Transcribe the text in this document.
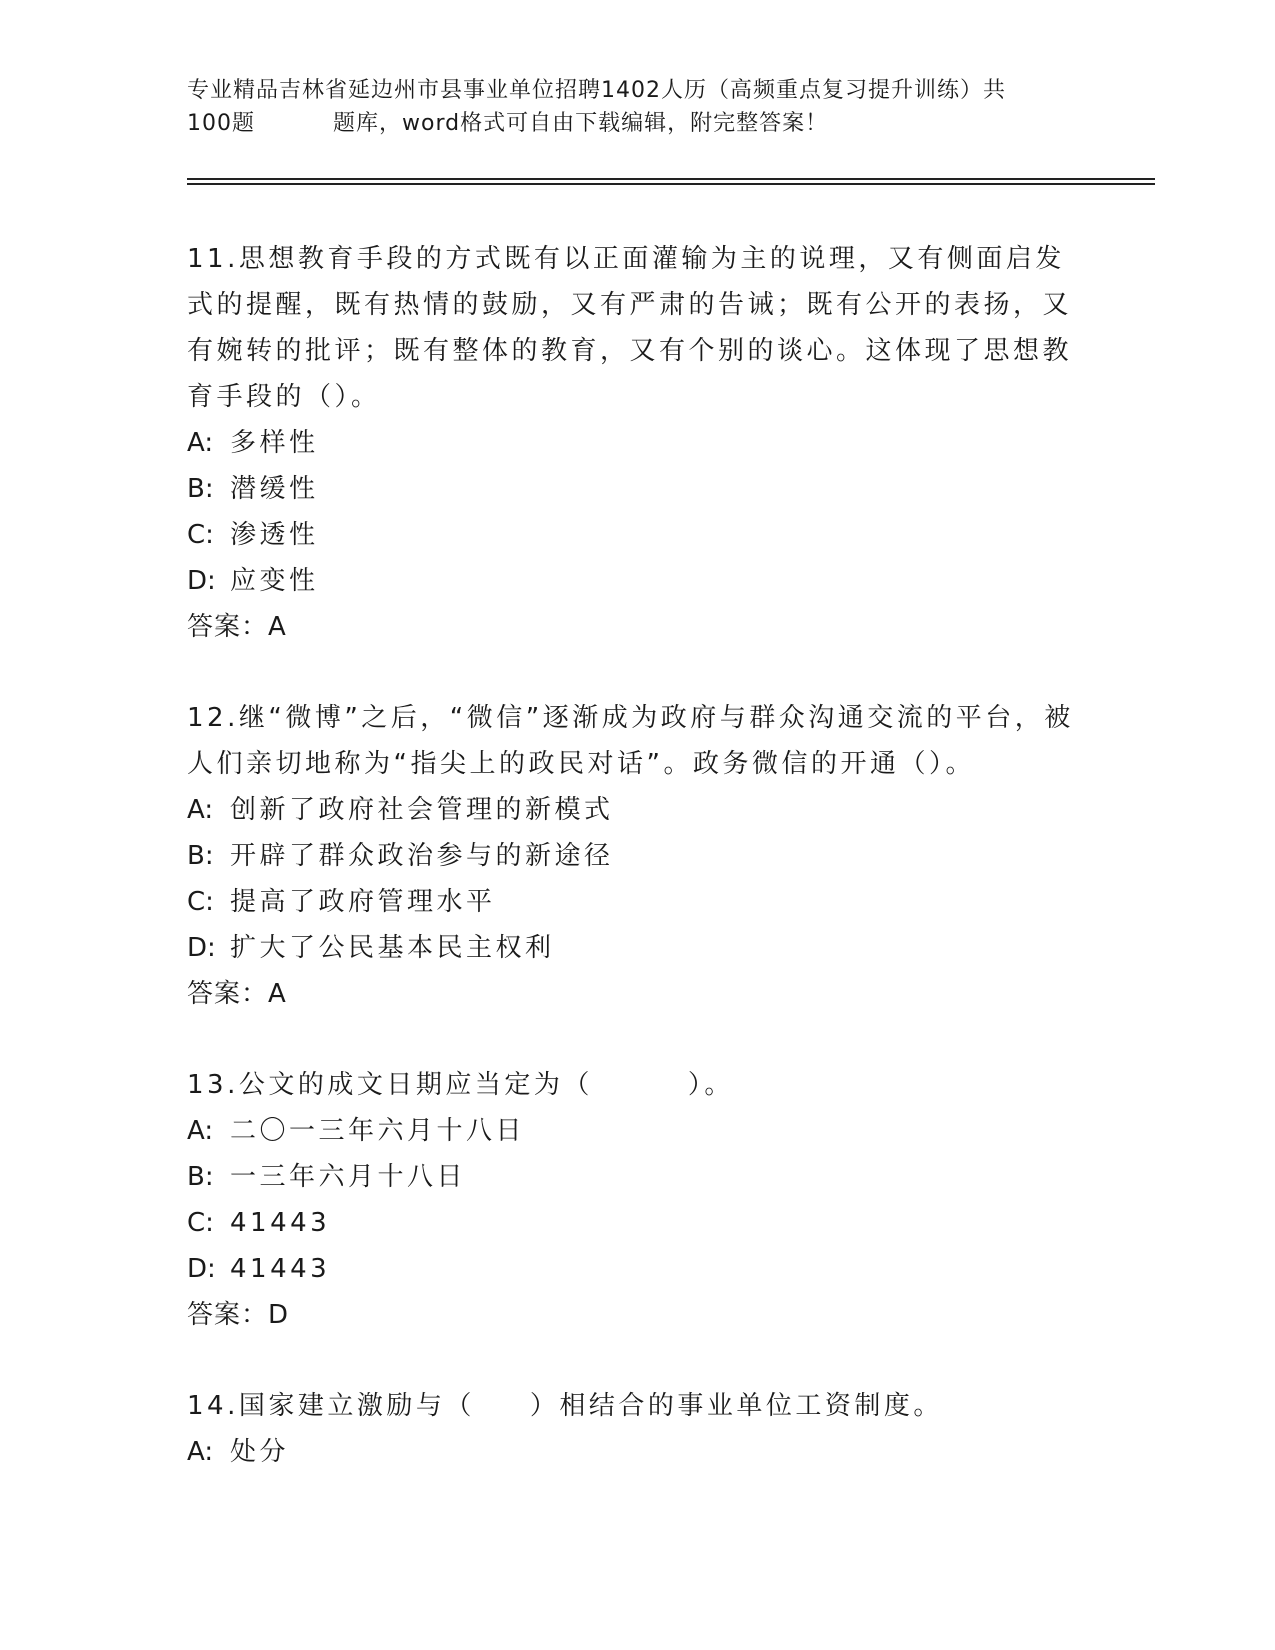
专业精品吉林省延边州市县事业单位招聘1402人历（高频重点复习提升训练）共

100题	题库，word格式可自由下载编辑，附完整答案！

11.思想教育手段的方式既有以正面灌输为主的说理，又有侧面启发式的提醒，既有热情的鼓励，又有严肃的告诫；既有公开的表扬，又有婉转的批评；既有整体的教育，又有个别的谈心。这体现了思想教育手段的（）。

A: 多样性

B: 潜缓性

C: 渗透性

D: 应变性

答案：A

12.继“微博”之后，“微信”逐渐成为政府与群众沟通交流的平台，被人们亲切地称为“指尖上的政民对话”。政务微信的开通（）。

A: 创新了政府社会管理的新模式

B: 开辟了群众政治参与的新途径

C: 提高了政府管理水平

D: 扩大了公民基本民主权利

答案：A

13.公文的成文日期应当定为（	）。

A: 二〇一三年六月十八日

B: 一三年六月十八日

C: 41443

D: 41443

答案：D

14.国家建立激励与（ ）相结合的事业单位工资制度。

A: 处分
